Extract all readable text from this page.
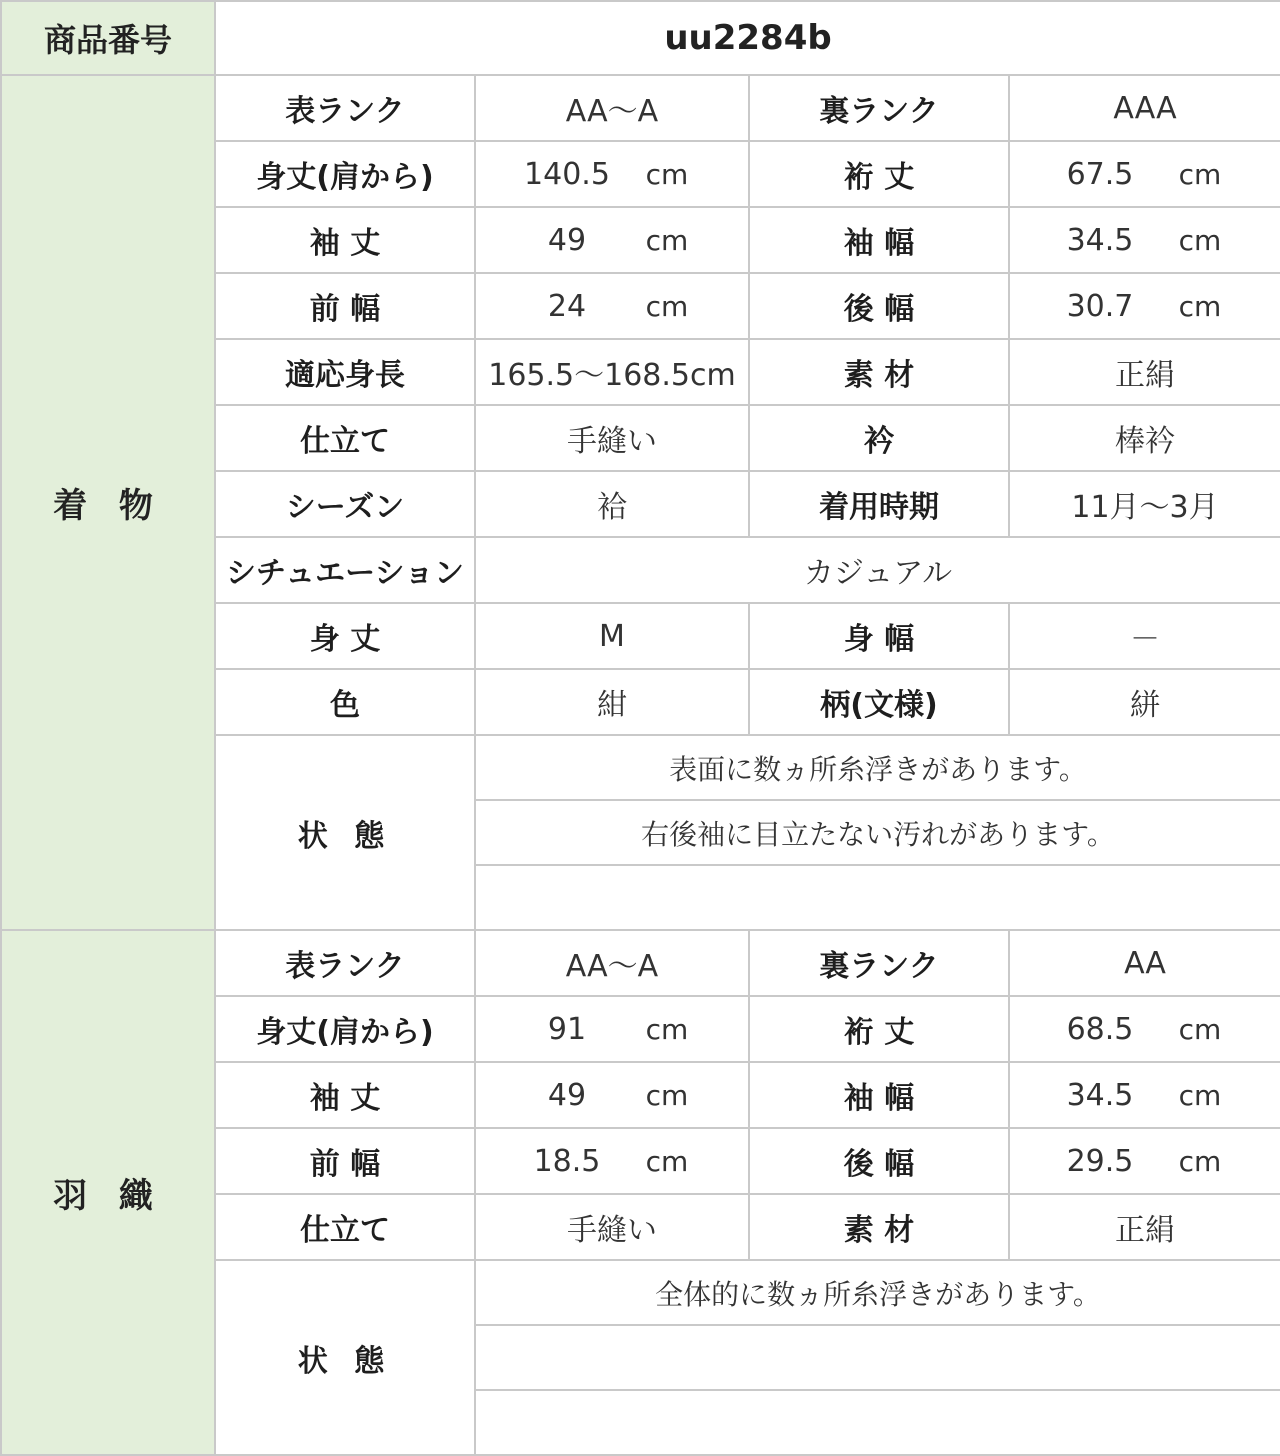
商品番号	uu2284b			
着 物	表ランク	AA～A	裏ランク	AAA
	身丈(肩から)	140.5 cm	裄 丈	67.5 cm

	袖 丈	49 cm	袖 幅	34.5 cm

	前 幅	24 cm	後 幅	30.7 cm

	適応身長	165.5～168.5cm	素 材	正絹
	仕立て	手縫い	衿	棒衿
	シーズン	袷	着用時期	11月～3月
	シチュエーション	カジュアル		
	身 丈	M	身 幅	－
	色	紺	柄(文様)	絣
	状 態	表面に数ヵ所糸浮きがあります。		
		右後袖に目立たない汚れがあります。		

羽 織	表ランク	AA～A	裏ランク	AA
	身丈(肩から)	91 cm	裄 丈	68.5 cm

	袖 丈	49 cm	袖 幅	34.5 cm

	前 幅	18.5 cm	後 幅	29.5 cm

	仕立て	手縫い	素 材	正絹
	状 態	全体的に数ヵ所糸浮きがあります。		
